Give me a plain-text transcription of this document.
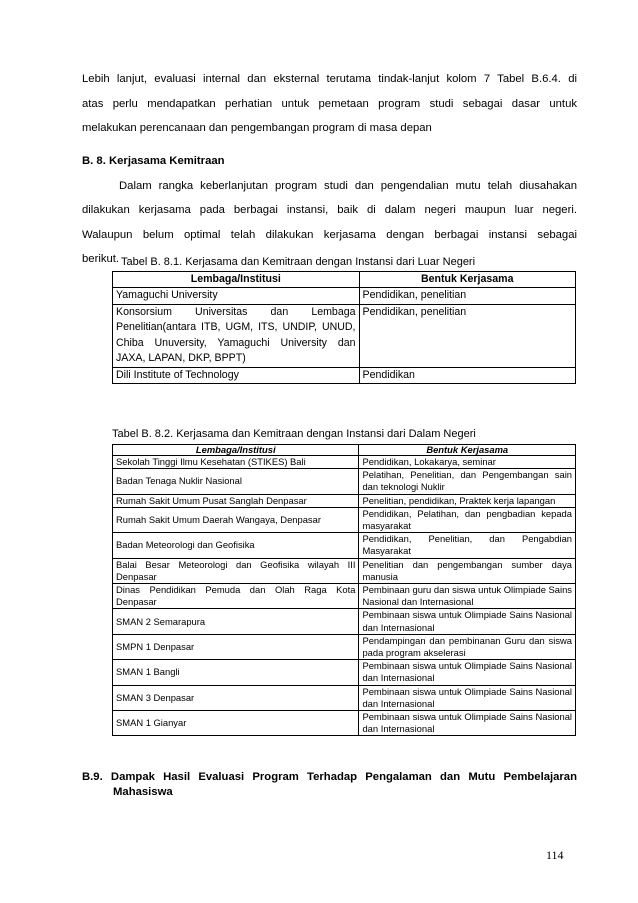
Lebih lanjut, evaluasi internal dan eksternal terutama tindak-lanjut kolom 7 Tabel B.6.4. di
atas perlu mendapatkan perhatian untuk pemetaan program studi sebagai dasar untuk
melakukan perencanaan dan pengembangan program di masa depan
B. 8. Kerjasama Kemitraan
Dalam rangka keberlanjutan program studi dan pengendalian mutu telah diusahakan
dilakukan kerjasama pada berbagai instansi, baik di dalam negeri maupun luar negeri.
Walaupun belum optimal telah dilakukan kerjasama dengan berbagai instansi sebagai
berikut. Tabel B. 8.1. Kerjasama dan Kemitraan dengan Instansi dari Luar Negeri
Lembaga/Institusi	Bentuk Kerjasama
Yamaguchi University	Pendidikan, penelitian
Konsorsium Universitas dan Lembaga Penelitian(antara ITB, UGM, ITS, UNDIP, UNUD, Chiba Unuversity, Yamaguchi University dan JAXA, LAPAN, DKP, BPPT)	Pendidikan, penelitian
Dili Institute of Technology	Pendidikan
Tabel B. 8.2. Kerjasama dan Kemitraan dengan Instansi dari Dalam Negeri
Lembaga/Institusi	Bentuk Kerjasama
Sekolah Tinggi Ilmu Kesehatan (STIKES) Bali	Pendidikan, Lokakarya, seminar
Badan Tenaga Nuklir Nasional	Pelatihan, Penelitian, dan Pengembangan sain dan teknologi Nuklir
Rumah Sakit Umum Pusat Sanglah Denpasar	Penelitian, pendidikan, Praktek kerja lapangan
Rumah Sakit Umum Daerah Wangaya, Denpasar	Pendidikan, Pelatihan, dan pengbadian kepada masyarakat
Badan Meteorologi dan Geofisika	Pendidikan, Penelitian, dan Pengabdian Masyarakat
Balai Besar Meteorologi dan Geofisika wilayah III Denpasar	Penelitian dan pengembangan sumber daya manusia
Dinas Pendidikan Pemuda dan Olah Raga Kota Denpasar	Pembinaan guru dan siswa untuk Olimpiade Sains Nasional dan Internasional
SMAN 2 Semarapura	Pembinaan siswa untuk Olimpiade Sains Nasional dan Internasional
SMPN 1 Denpasar	Pendampingan dan pembinanan Guru dan siswa pada program akselerasi
SMAN 1 Bangli	Pembinaan siswa untuk Olimpiade Sains Nasional dan Internasional
SMAN 3 Denpasar	Pembinaan siswa untuk Olimpiade Sains Nasional dan Internasional
SMAN 1 Gianyar	Pembinaan siswa untuk Olimpiade Sains Nasional dan Internasional
B.9. Dampak Hasil Evaluasi Program Terhadap Pengalaman dan Mutu Pembelajaran
Mahasiswa
114
